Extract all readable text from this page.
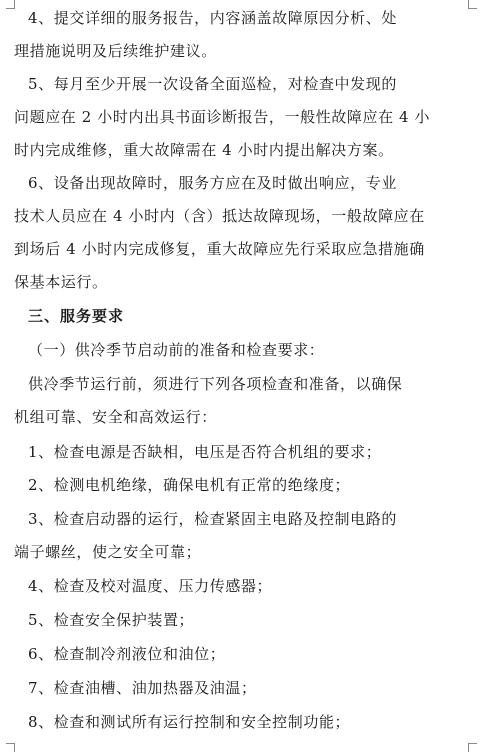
4、提交详细的服务报告，内容涵盖故障原因分析、处
理措施说明及后续维护建议。
5、每月至少开展一次设备全面巡检，对检查中发现的
问题应在 2 小时内出具书面诊断报告，一般性故障应在 4 小
时内完成维修，重大故障需在 4 小时内提出解决方案。
6、设备出现故障时，服务方应在及时做出响应，专业
技术人员应在 4 小时内（含）抵达故障现场，一般故障应在
到场后 4 小时内完成修复，重大故障应先行采取应急措施确
保基本运行。
三、服务要求
（一）供冷季节启动前的准备和检查要求：
供冷季节运行前，须进行下列各项检查和准备，以确保
机组可靠、安全和高效运行：
1、检查电源是否缺相，电压是否符合机组的要求；
2、检测电机绝缘，确保电机有正常的绝缘度；
3、检查启动器的运行，检查紧固主电路及控制电路的
端子螺丝，使之安全可靠；
4、检查及校对温度、压力传感器；
5、检查安全保护装置；
6、检查制冷剂液位和油位；
7、检查油槽、油加热器及油温；
8、检查和测试所有运行控制和安全控制功能；
